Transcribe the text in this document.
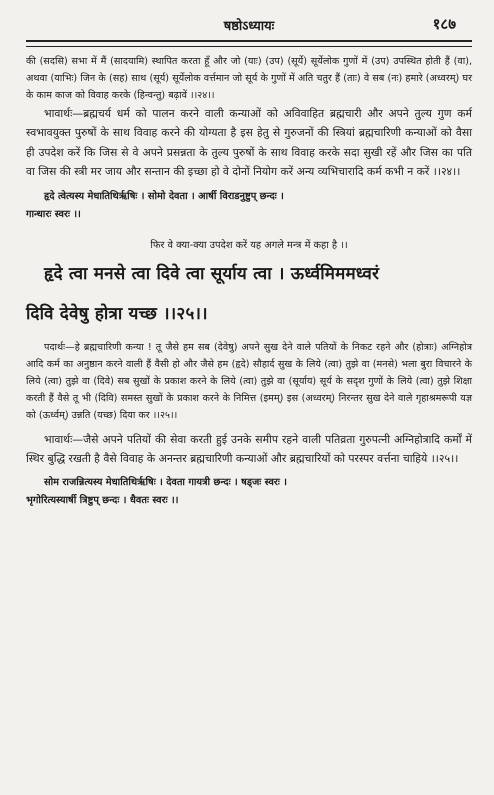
षष्ठोऽध्यायः	१८७

की (सदसि) सभा में मैं (सादयामि) स्थापित करता हूँ और जो (याः) (उप) (सूर्ये) सूर्येलोक गुणों में (उप) उपस्थित होती हैं (वा), अथवा (याभिः) जिन के (सह) साथ (सूर्य) सूर्येलोक वर्त्तमान जो सूर्य के गुणों में अति चतुर हैं (ताः) वे सब (नः) हमारे (अध्वरम्) घर के काम काज को विवाह करके (हिन्वन्तु) बढ़ावें ।।२४।।

भावार्थः—ब्रह्मचर्य धर्म को पालन करने वाली कन्याओं को अविवाहित ब्रह्मचारी और अपने तुल्य गुण कर्म स्वभावयुक्त पुरुषों के साथ विवाह करने की योग्यता है इस हेतु से गुरुजनों की स्त्रियां ब्रह्मचारिणी कन्याओं को वैसा ही उपदेश करें कि जिस से वे अपने प्रसन्नता के तुल्य पुरुषों के साथ विवाह करके सदा सुखी रहें और जिस का पति वा जिस की स्त्री मर जाय और सन्तान की इच्छा हो वे दोनों नियोग करें अन्य व्यभिचारादि कर्म कभी न करें ।।२४।।

हृदे त्वेत्यस्य मेधातिथिर्ऋषिः । सोमो देवता । आर्षी विराडनुष्टुप् छन्दः ।

गान्धारः स्वरः ।।

फिर वे क्या-क्या उपदेश करें यह अगले मन्त्र में कहा है ।।

हृदे त्वा मनसे त्वा दिवे त्वा सूर्याय त्वा । ऊर्ध्वमिममध्वरं

दिवि देवेषु होत्रा यच्छ ।।२५।।

पदार्थः—हे ब्रह्मचारिणी कन्या ! तू जैसे हम सब (देवेषु) अपने सुख देने वाले पतियों के निकट रहने और (होत्राः) अग्निहोत्र आदि कर्म का अनुष्ठान करने वाली हैं वैसी हो और जैसे हम (हृदे) सौहार्द सुख के लिये (त्वा) तुझे वा (मनसे) भला बुरा विचारने के लिये (त्वा) तुझे वा (दिवे) सब सुखों के प्रकाश करने के लिये (त्वा) तुझे वा (सूर्याय) सूर्य के सदृश गुणों के लिये (त्वा) तुझे शिक्षा करती हैं वैसे तू भी (दिवि) समस्त सुखों के प्रकाश करने के निमित्त (इमम्) इस (अध्वरम्) निरन्तर सुख देने वाले गृहाश्रमरूपी यज्ञ को (ऊर्ध्वम्) उन्नति (यच्छ) दिया कर ।।२५।।

भावार्थः—जैसे अपने पतियों की सेवा करती हुई उनके समीप रहने वाली पतिव्रता गुरुपत्नी अग्निहोत्रादि कर्मों में स्थिर बुद्धि रखती है वैसे विवाह के अनन्तर ब्रह्मचारिणी कन्याओं और ब्रह्मचारियों को परस्पर वर्त्तना चाहिये ।।२५।।

सोम राजन्नित्यस्य मेधातिथिर्ऋषिः । देवता गायत्री छन्दः । षड्जः स्वरः ।

भृगोरित्यस्यार्षी त्रिष्टुप् छन्दः । धैवतः स्वरः ।।
